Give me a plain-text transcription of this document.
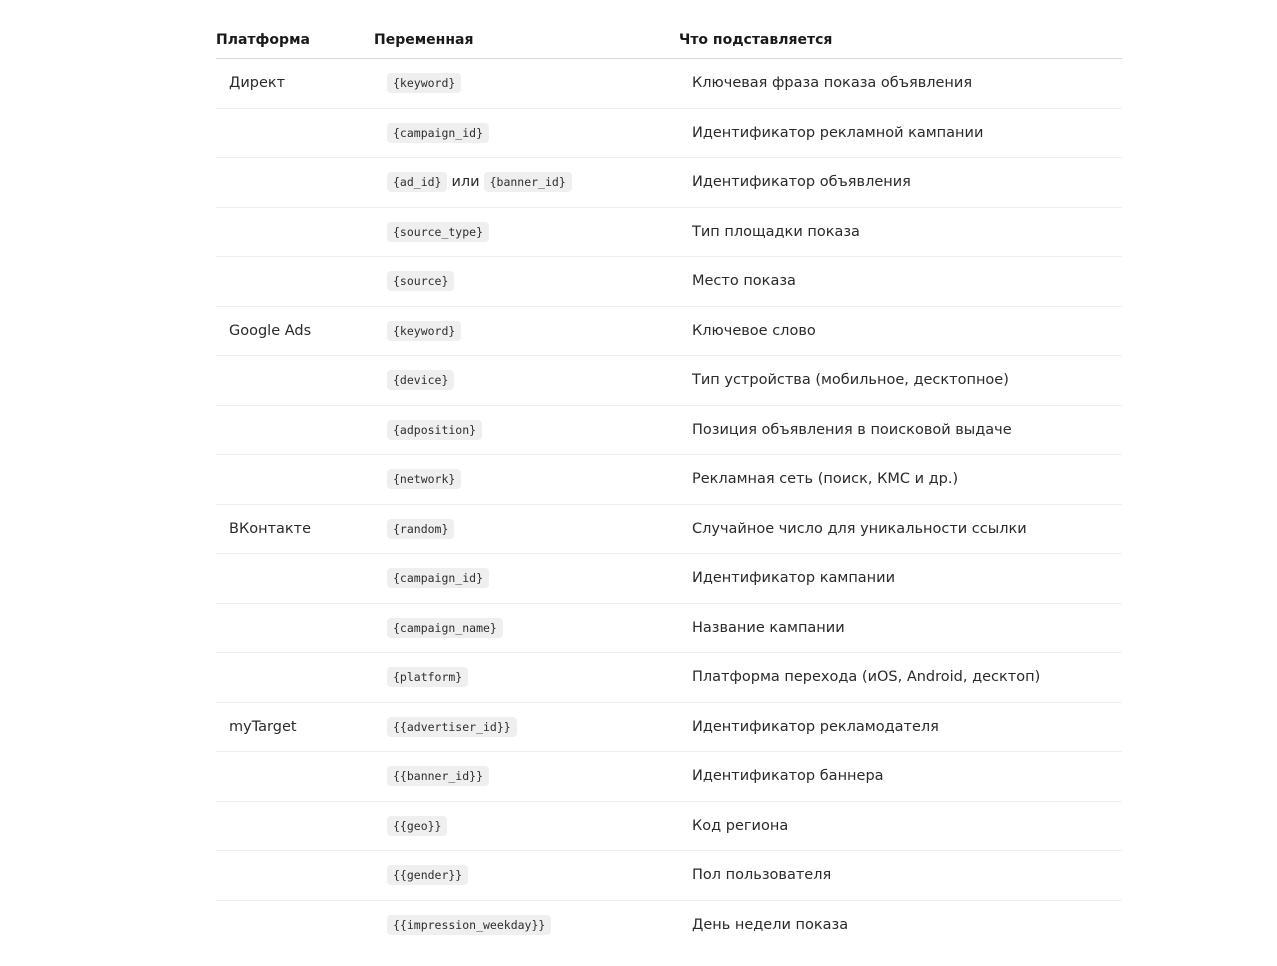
Платформа	Переменная	Что подставляется
Директ	{keyword}	Ключевая фраза показа объявления
	{campaign_id}	Идентификатор рекламной кампании
	{ad_id} или {banner_id}	Идентификатор объявления
	{source_type}	Тип площадки показа
	{source}	Место показа
Google Ads	{keyword}	Ключевое слово
	{device}	Тип устройства (мобильное, десктопное)
	{adposition}	Позиция объявления в поисковой выдаче
	{network}	Рекламная сеть (поиск, КМС и др.)
ВКонтакте	{random}	Случайное число для уникальности ссылки
	{campaign_id}	Идентификатор кампании
	{campaign_name}	Название кампании
	{platform}	Платформа перехода (иOS, Android, десктоп)
myTarget	{{advertiser_id}}	Идентификатор рекламодателя
	{{banner_id}}	Идентификатор баннера
	{{geo}}	Код региона
	{{gender}}	Пол пользователя
	{{impression_weekday}}	День недели показа
